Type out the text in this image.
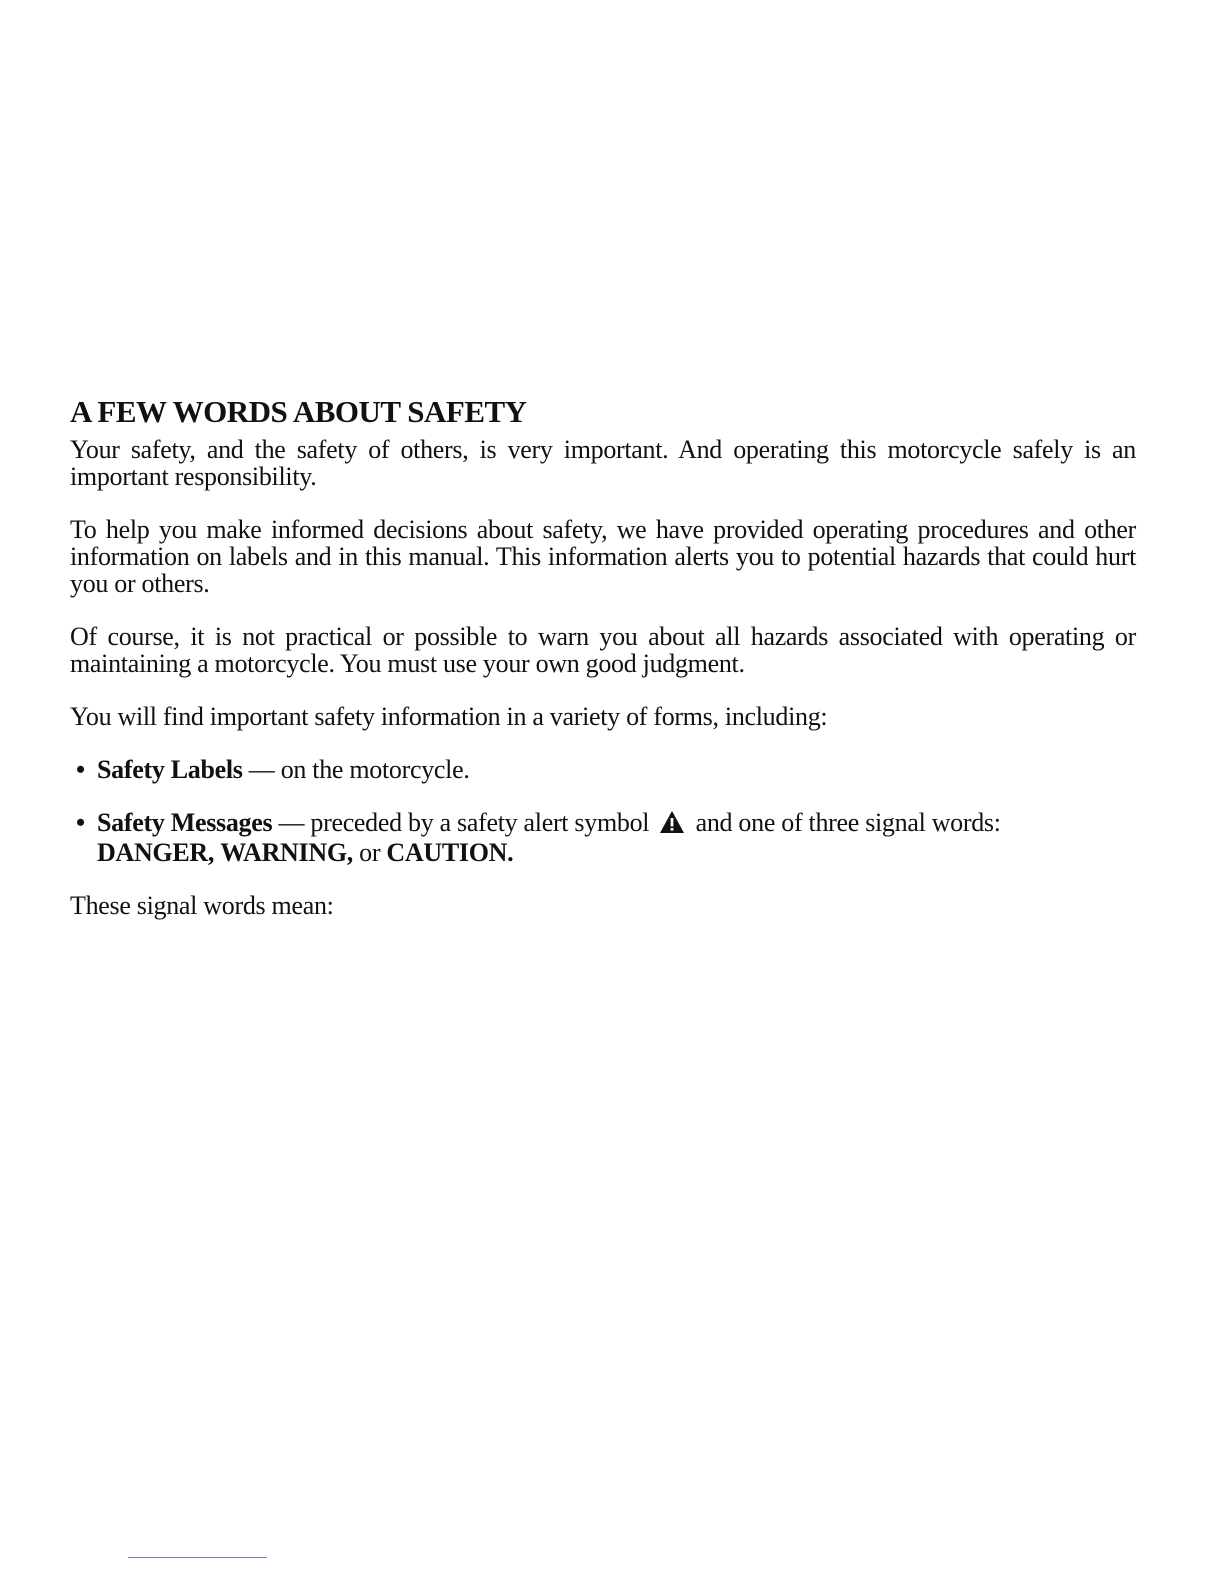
A FEW WORDS ABOUT SAFETY

Your safety, and the safety of others, is very important. And operating this motorcycle safely is an important responsibility.

To help you make informed decisions about safety, we have provided operating procedures and other information on labels and in this manual. This information alerts you to potential hazards that could hurt you or others.

Of course, it is not practical or possible to warn you about all hazards associated with operating or maintaining a motorcycle. You must use your own good judgment.

You will find important safety information in a variety of forms, including:

• Safety Labels — on the motorcycle.
• Safety Messages — preceded by a safety alert symbol  and one of three signal words:
DANGER, WARNING, or CAUTION.

These signal words mean:
